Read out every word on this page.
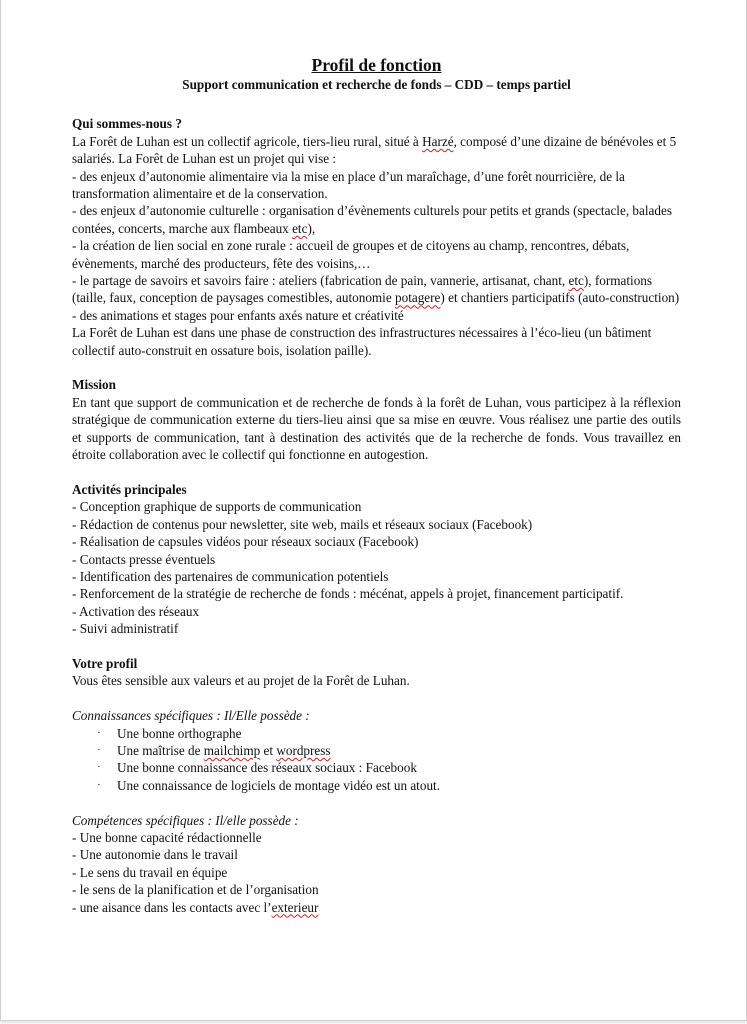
Profil de fonction

Support communication et recherche de fonds – CDD – temps partiel

Qui sommes-nous ?

La Forêt de Luhan est un collectif agricole, tiers-lieu rural, situé à Harzé, composé d’une dizaine de bénévoles et 5 salariés. La Forêt de Luhan est un projet qui vise :

- des enjeux d’autonomie alimentaire via la mise en place d’un maraîchage, d’une forêt nourricière, de la transformation alimentaire et de la conservation.

- des enjeux d’autonomie culturelle : organisation d’évènements culturels pour petits et grands (spectacle, balades contées, concerts, marche aux flambeaux etc),

- la création de lien social en zone rurale : accueil de groupes et de citoyens au champ, rencontres, débats, évènements, marché des producteurs, fête des voisins,…

- le partage de savoirs et savoirs faire : ateliers (fabrication de pain, vannerie, artisanat, chant, etc), formations (taille, faux, conception de paysages comestibles, autonomie potagere) et chantiers participatifs (auto-construction)

- des animations et stages pour enfants axés nature et créativité

La Forêt de Luhan est dans une phase de construction des infrastructures nécessaires à l’éco-lieu (un bâtiment collectif auto-construit en ossature bois, isolation paille).

Mission

En tant que support de communication et de recherche de fonds à la forêt de Luhan, vous participez à la réflexion stratégique de communication externe du tiers-lieu ainsi que sa mise en œuvre. Vous réalisez une partie des outils et supports de communication, tant à destination des activités que de la recherche de fonds. Vous travaillez en étroite collaboration avec le collectif qui fonctionne en autogestion.

Activités principales

- Conception graphique de supports de communication

- Rédaction de contenus pour newsletter, site web, mails et réseaux sociaux (Facebook)

- Réalisation de capsules vidéos pour réseaux sociaux (Facebook)

- Contacts presse éventuels

- Identification des partenaires de communication potentiels

- Renforcement de la stratégie de recherche de fonds : mécénat, appels à projet, financement participatif.

- Activation des réseaux

- Suivi administratif

Votre profil

Vous êtes sensible aux valeurs et au projet de la Forêt de Luhan.

Connaissances spécifiques : Il/Elle possède :

· Une bonne orthographe
· Une maîtrise de mailchimp et wordpress
· Une bonne connaissance des réseaux sociaux : Facebook
· Une connaissance de logiciels de montage vidéo est un atout.

Compétences spécifiques : Il/elle possède :

- Une bonne capacité rédactionnelle

- Une autonomie dans le travail

- Le sens du travail en équipe

- le sens de la planification et de l’organisation

- une aisance dans les contacts avec l’exterieur
